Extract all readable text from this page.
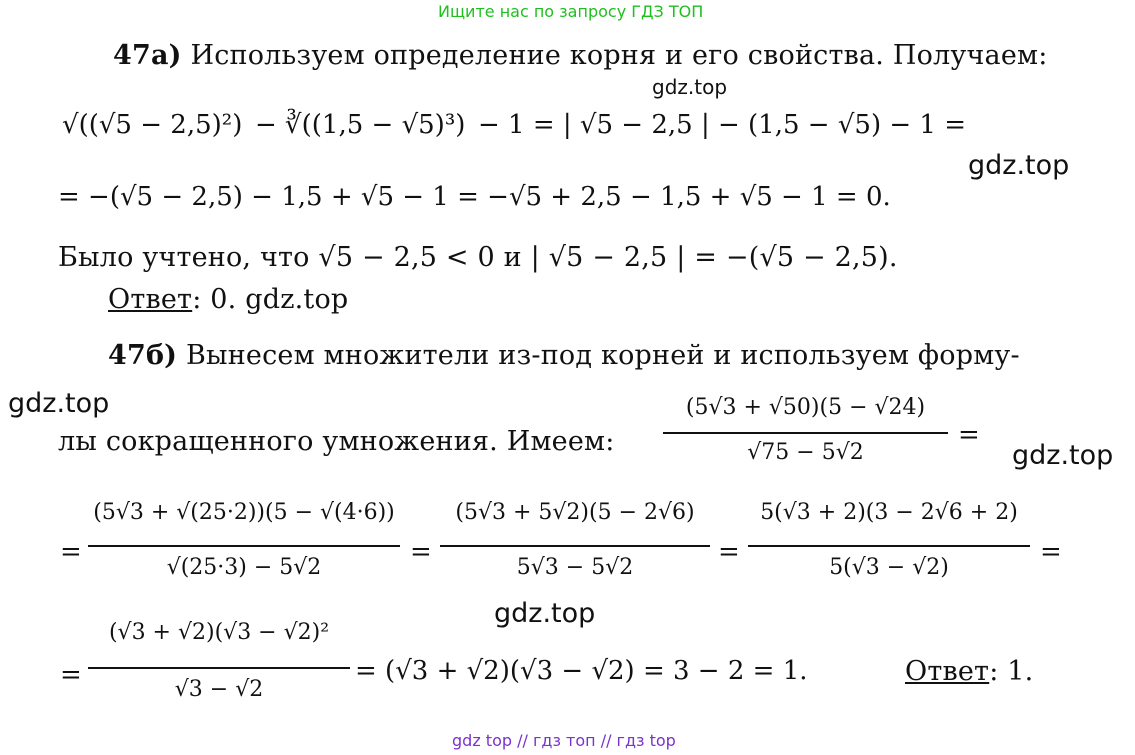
Ищите нас по запросу ГДЗ ТОП
47а) Используем определение корня и его свойства. Получаем:
gdz.top
√((√5 − 2,5)²) − ∛((1,5 − √5)³) − 1 = | √5 − 2,5 | − (1,5 − √5) − 1 =
gdz.top
= −(√5 − 2,5) − 1,5 + √5 − 1 = −√5 + 2,5 − 1,5 + √5 − 1 = 0.
Было учтено, что √5 − 2,5 < 0 и | √5 − 2,5 | = −(√5 − 2,5).
Ответ: 0. gdz.top
47б) Вынесем множители из-под корней и используем форму-
gdz.top
лы сокращенного умножения. Имеем:
(5√3 + √50)(5 − √24)
√75 − 5√2
=
gdz.top
=
(5√3 + √(25·2))(5 − √(4·6))
√(25·3) − 5√2
=
(5√3 + 5√2)(5 − 2√6)
5√3 − 5√2
=
5(√3 + 2)(3 − 2√6 + 2)
5(√3 − √2)
=
gdz.top
=
(√3 + √2)(√3 − √2)²
√3 − √2
= (√3 + √2)(√3 − √2) = 3 − 2 = 1.	Ответ: 1.
gdz top // гдз топ // гдз top
